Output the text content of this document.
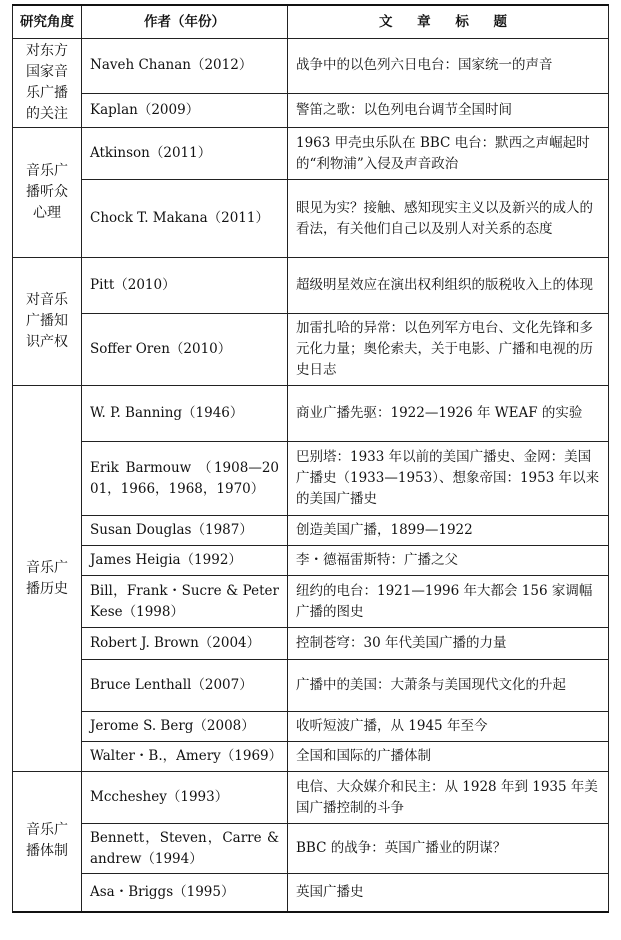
研究角度	作者（年份）	文 章 标 题
对东方国家音乐广播的关注	Naveh Chanan（2012）	战争中的以色列六日电台：国家统一的声音
	Kaplan（2009）	警笛之歌：以色列电台调节全国时间
音乐广播听众心理	Atkinson（2011）	1963 甲壳虫乐队在 BBC 电台：默西之声崛起时的“利物浦”入侵及声音政治
	Chock T. Makana（2011）	眼见为实？接触、感知现实主义以及新兴的成人的看法，有关他们自己以及别人对关系的态度
对音乐广播知识产权	Pitt（2010）	超级明星效应在演出权利组织的版税收入上的体现
	Soffer Oren（2010）	加雷扎哈的异常：以色列军方电台、文化先锋和多元化力量；奥伦索夫，关于电影、广播和电视的历史日志
音乐广播历史	W. P. Banning（1946）	商业广播先驱：1922—1926 年 WEAF 的实验
	Erik Barmouw （1908—2001，1966，1968，1970）	巴别塔：1933 年以前的美国广播史、金网：美国广播史（1933—1953）、想象帝国：1953 年以来的美国广播史
	Susan Douglas（1987）	创造美国广播，1899—1922
	James Heigia（1992）	李・德福雷斯特：广播之父
	Bill，Frank・Sucre & Peter Kese（1998）	纽约的电台：1921—1996 年大都会 156 家调幅广播的图史
	Robert J. Brown（2004）	控制苍穹：30 年代美国广播的力量
	Bruce Lenthall（2007）	广播中的美国：大萧条与美国现代文化的升起
	Jerome S. Berg（2008）	收听短波广播，从 1945 年至今
	Walter・B.，Amery（1969）	全国和国际的广播体制
音乐广播体制	Mccheshey（1993）	电信、大众媒介和民主：从 1928 年到 1935 年美国广播控制的斗争
	Bennett，Steven，Carre & andrew（1994）	BBC 的战争：英国广播业的阴谋？
	Asa・Briggs（1995）	英国广播史
